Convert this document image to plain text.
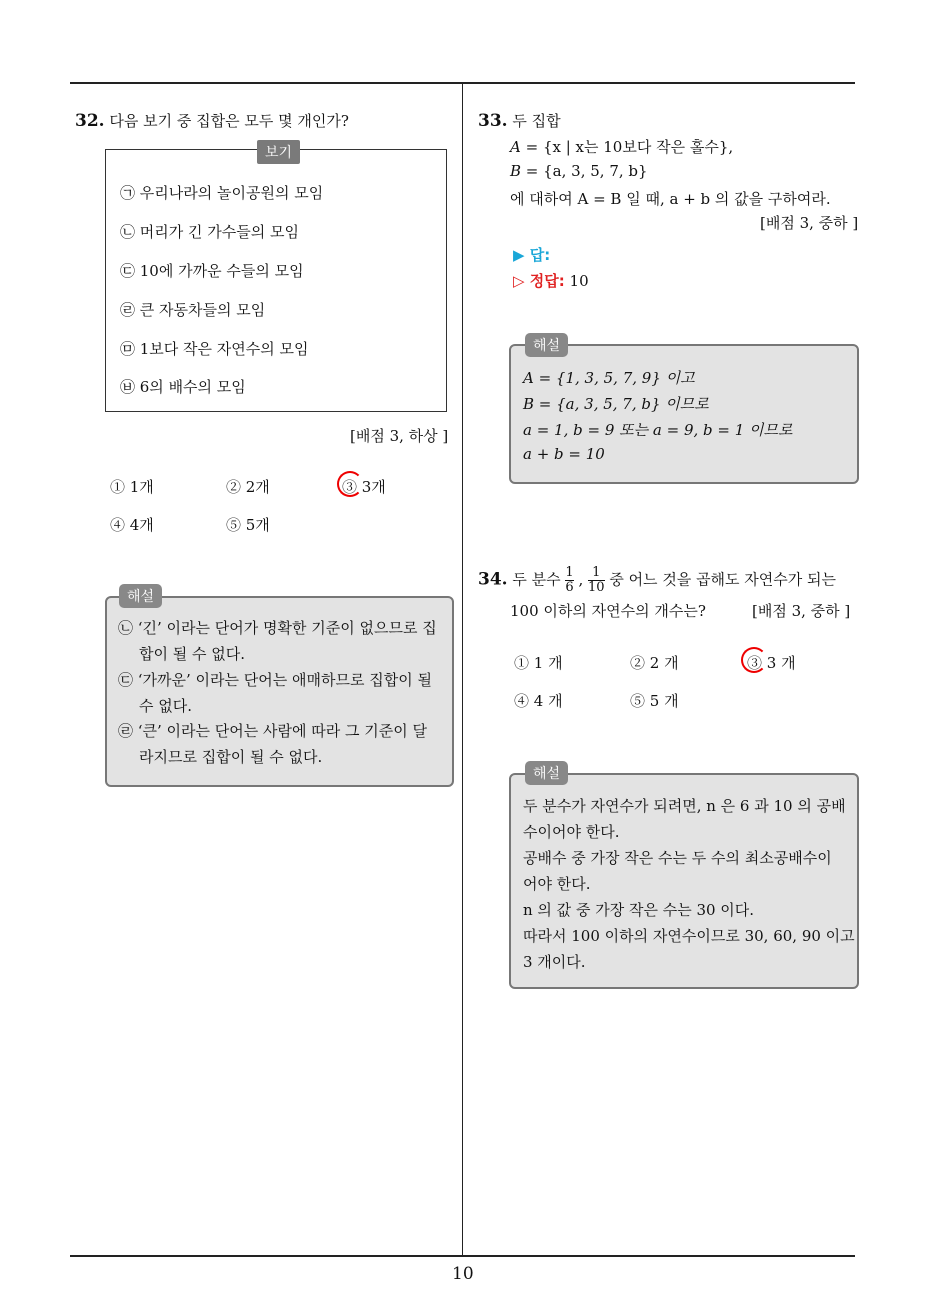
10
32. 다음 보기 중 집합은 모두 몇 개인가?
보기
㉠ 우리나라의 놀이공원의 모임
㉡ 머리가 긴 가수들의 모임
㉢ 10에 가까운 수들의 모임
㉣ 큰 자동차들의 모임
㉤ 1보다 작은 자연수의 모임
㉥ 6의 배수의 모임
[배점 3, 하상 ]
① 1개	② 2개	③ 3개
④ 4개	⑤ 5개
해설
㉡ ‘긴’ 이라는 단어가 명확한 기준이 없으므로 집
합이 될 수 없다.
㉢ ‘가까운’ 이라는 단어는 애매하므로 집합이 될
수 없다.
㉣ ‘큰’ 이라는 단어는 사람에 따라 그 기준이 달
라지므로 집합이 될 수 없다.
33. 두 집합
A = {x | x는 10보다 작은 홀수},
B = {a, 3, 5, 7, b}
에 대하여 A = B 일 때, a + b 의 값을 구하여라.
[배점 3, 중하 ]
▶ 답:
▷ 정답: 10
해설
A = {1, 3, 5, 7, 9} 이고
B = {a, 3, 5, 7, b} 이므로
a = 1, b = 9 또는 a = 9, b = 1 이므로
a + b = 10
34. 두 분수 $\frac{1}{6}$ , $\frac{1}{10}$ 중 어느 것을 곱해도 자연수가 되는
100 이하의 자연수의 개수는?	[배점 3, 중하 ]
① 1 개	② 2 개	③ 3 개
④ 4 개	⑤ 5 개
해설
두 분수가 자연수가 되려면, n 은 6 과 10 의 공배
수이어야 한다.
공배수 중 가장 작은 수는 두 수의 최소공배수이
어야 한다.
n 의 값 중 가장 작은 수는 30 이다.
따라서 100 이하의 자연수이므로 30, 60, 90 이고
3 개이다.
